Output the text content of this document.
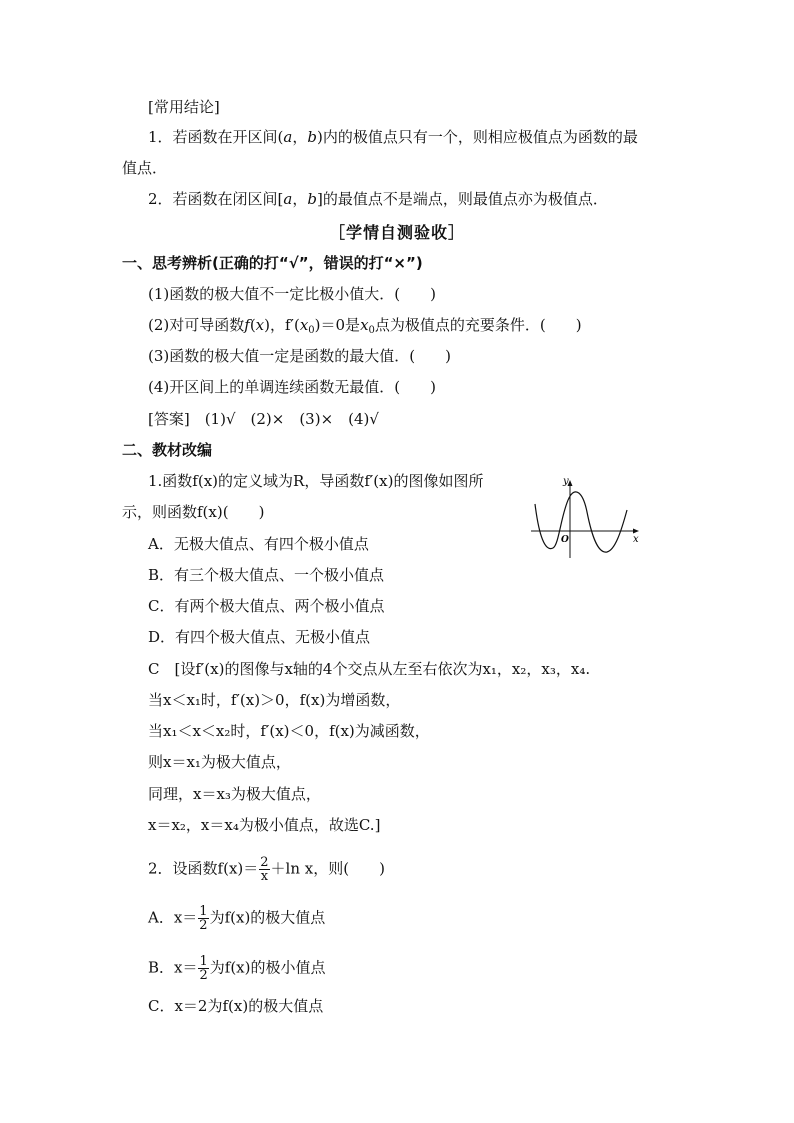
[常用结论]
1．若函数在开区间(a，b)内的极值点只有一个，则相应极值点为函数的最
值点．
2．若函数在闭区间[a，b]的最值点不是端点，则最值点亦为极值点．
［学情自测验收］
一、思考辨析(正确的打“√”，错误的打“×”)
(1)函数的极大值不一定比极小值大．(　　)
(2)对可导函数f(x)，$f'(x_0)=0$是$x_0$点为极值点的充要条件．(　　)
(3)函数的极大值一定是函数的最大值．(　　)
(4)开区间上的单调连续函数无最值．(　　)
[答案]　(1)√　(2)×　(3)×　(4)√
二、教材改编
1.函数f(x)的定义域为R，导函数f′(x)的图像如图所
示，则函数f(x)(　　)
A．无极大值点、有四个极小值点
B．有三个极大值点、一个极小值点
C．有两个极大值点、两个极小值点
D．有四个极大值点、无极小值点
C　[设f′(x)的图像与x轴的4个交点从左至右依次为x₁，x₂，x₃，x₄.
当x＜x₁时，f′(x)＞0，f(x)为增函数，
当x₁＜x＜x₂时，f′(x)＜0，f(x)为减函数，
则x＝x₁为极大值点，
同理，x＝x₃为极大值点，
x＝x₂，x＝x₄为极小值点，故选C.]
2．设函数$f(x)= \frac{2}{x} +\ln$ x，则(　　)
A．$x= \frac{1}{2}$ 为f(x)的极大值点
B．$x= \frac{1}{2}$ 为f(x)的极小值点
C．x＝2为f(x)的极大值点
y
x
O
